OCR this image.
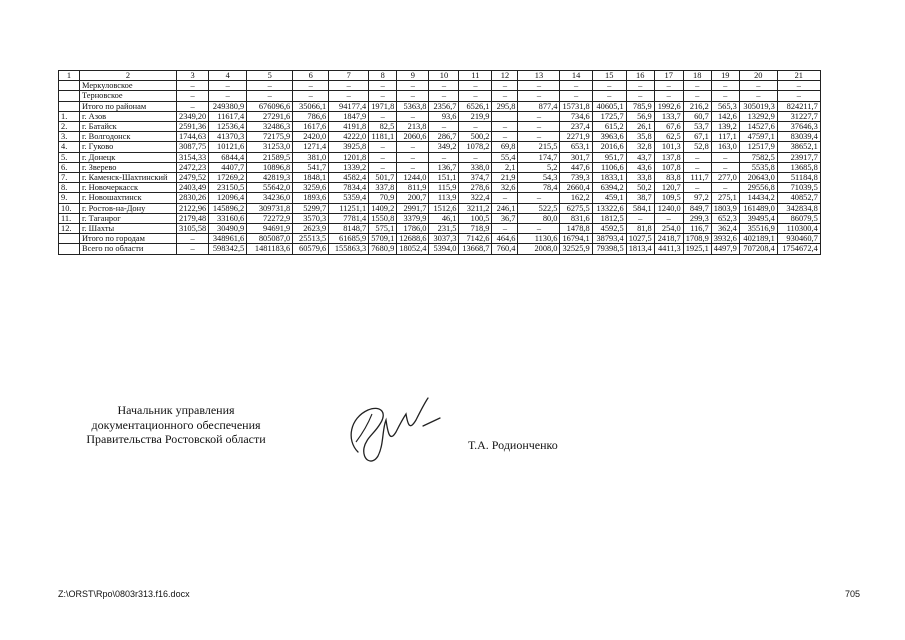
1	2	3	4	5	6	7	8	9	10	11	12	13	14	15	16	17	18	19	20	21
	Меркуловское	–	–	–	–	–	–	–	–	–	–	–	–	–	–	–	–	–	–	–
	Терновское	–	–	–	–	–	–	–	–	–	–	–	–	–	–	–	–	–	–	–
	Итого по районам	–	249380,9	676096,6	35066,1	94177,4	1971,8	5363,8	2356,7	6526,1	295,8	877,4	15731,8	40605,1	785,9	1992,6	216,2	565,3	305019,3	824211,7
1.	г. Азов	2349,20	11617,4	27291,6	786,6	1847,9	–	–	93,6	219,9		–	734,6	1725,7	56,9	133,7	60,7	142,6	13292,9	31227,7
2.	г. Батайск	2591,36	12536,4	32486,3	1617,6	4191,8	82,5	213,8	–	–	–	–	237,4	615,2	26,1	67,6	53,7	139,2	14527,6	37646,3
3.	г. Волгодонск	1744,63	41370,3	72175,9	2420,0	4222,0	1181,1	2060,6	286,7	500,2	–	–	2271,9	3963,6	35,8	62,5	67,1	117,1	47597,1	83039,4
4.	г. Гуково	3087,75	10121,6	31253,0	1271,4	3925,8	–	–	349,2	1078,2	69,8	215,5	653,1	2016,6	32,8	101,3	52,8	163,0	12517,9	38652,1
5.	г. Донецк	3154,33	6844,4	21589,5	381,0	1201,8	–	–	–	–	55,4	174,7	301,7	951,7	43,7	137,8	–	–	7582,5	23917,7
6.	г. Зверево	2472,23	4407,7	10896,8	541,7	1339,2	–	–	136,7	338,0	2,1	5,2	447,6	1106,6	43,6	107,8	–	–	5535,8	13685,8
7.	г. Каменск-Шахтинский	2479,52	17269,2	42819,3	1848,1	4582,4	501,7	1244,0	151,1	374,7	21,9	54,3	739,3	1833,1	33,8	83,8	111,7	277,0	20643,0	51184,8
8.	г. Новочеркасск	2403,49	23150,5	55642,0	3259,6	7834,4	337,8	811,9	115,9	278,6	32,6	78,4	2660,4	6394,2	50,2	120,7	–	–	29556,8	71039,5
9.	г. Новошахтинск	2830,26	12096,4	34236,0	1893,6	5359,4	70,9	200,7	113,9	322,4	–	–	162,2	459,1	38,7	109,5	97,2	275,1	14434,2	40852,7
10.	г. Ростов-на-Дону	2122,96	145896,2	309731,8	5299,7	11251,1	1409,2	2991,7	1512,6	3211,2	246,1	522,5	6275,5	13322,6	584,1	1240,0	849,7	1803,9	161489,0	342834,8
11.	г. Таганрог	2179,48	33160,6	72272,9	3570,3	7781,4	1550,8	3379,9	46,1	100,5	36,7	80,0	831,6	1812,5	–	–	299,3	652,3	39495,4	86079,5
12.	г. Шахты	3105,58	30490,9	94691,9	2623,9	8148,7	575,1	1786,0	231,5	718,9	–	–	1478,8	4592,5	81,8	254,0	116,7	362,4	35516,9	110300,4
	Итого по городам	–	348961,6	805087,0	25513,5	61685,9	5709,1	12688,6	3037,3	7142,6	464,6	1130,6	16794,1	38793,4	1027,5	2418,7	1708,9	3932,6	402189,1	930460,7
	Всего по области	–	598342,5	1481183,6	60579,6	155863,3	7680,9	18052,4	5394,0	13668,7	760,4	2008,0	32525,9	79398,5	1813,4	4411,3	1925,1	4497,9	707208,4	1754672,4
Начальник управления
документационного обеспечения
Правительства Ростовской области	Т.А. Родионченко
Z:\ORST\Rpo\0803r313.f16.docx	705
